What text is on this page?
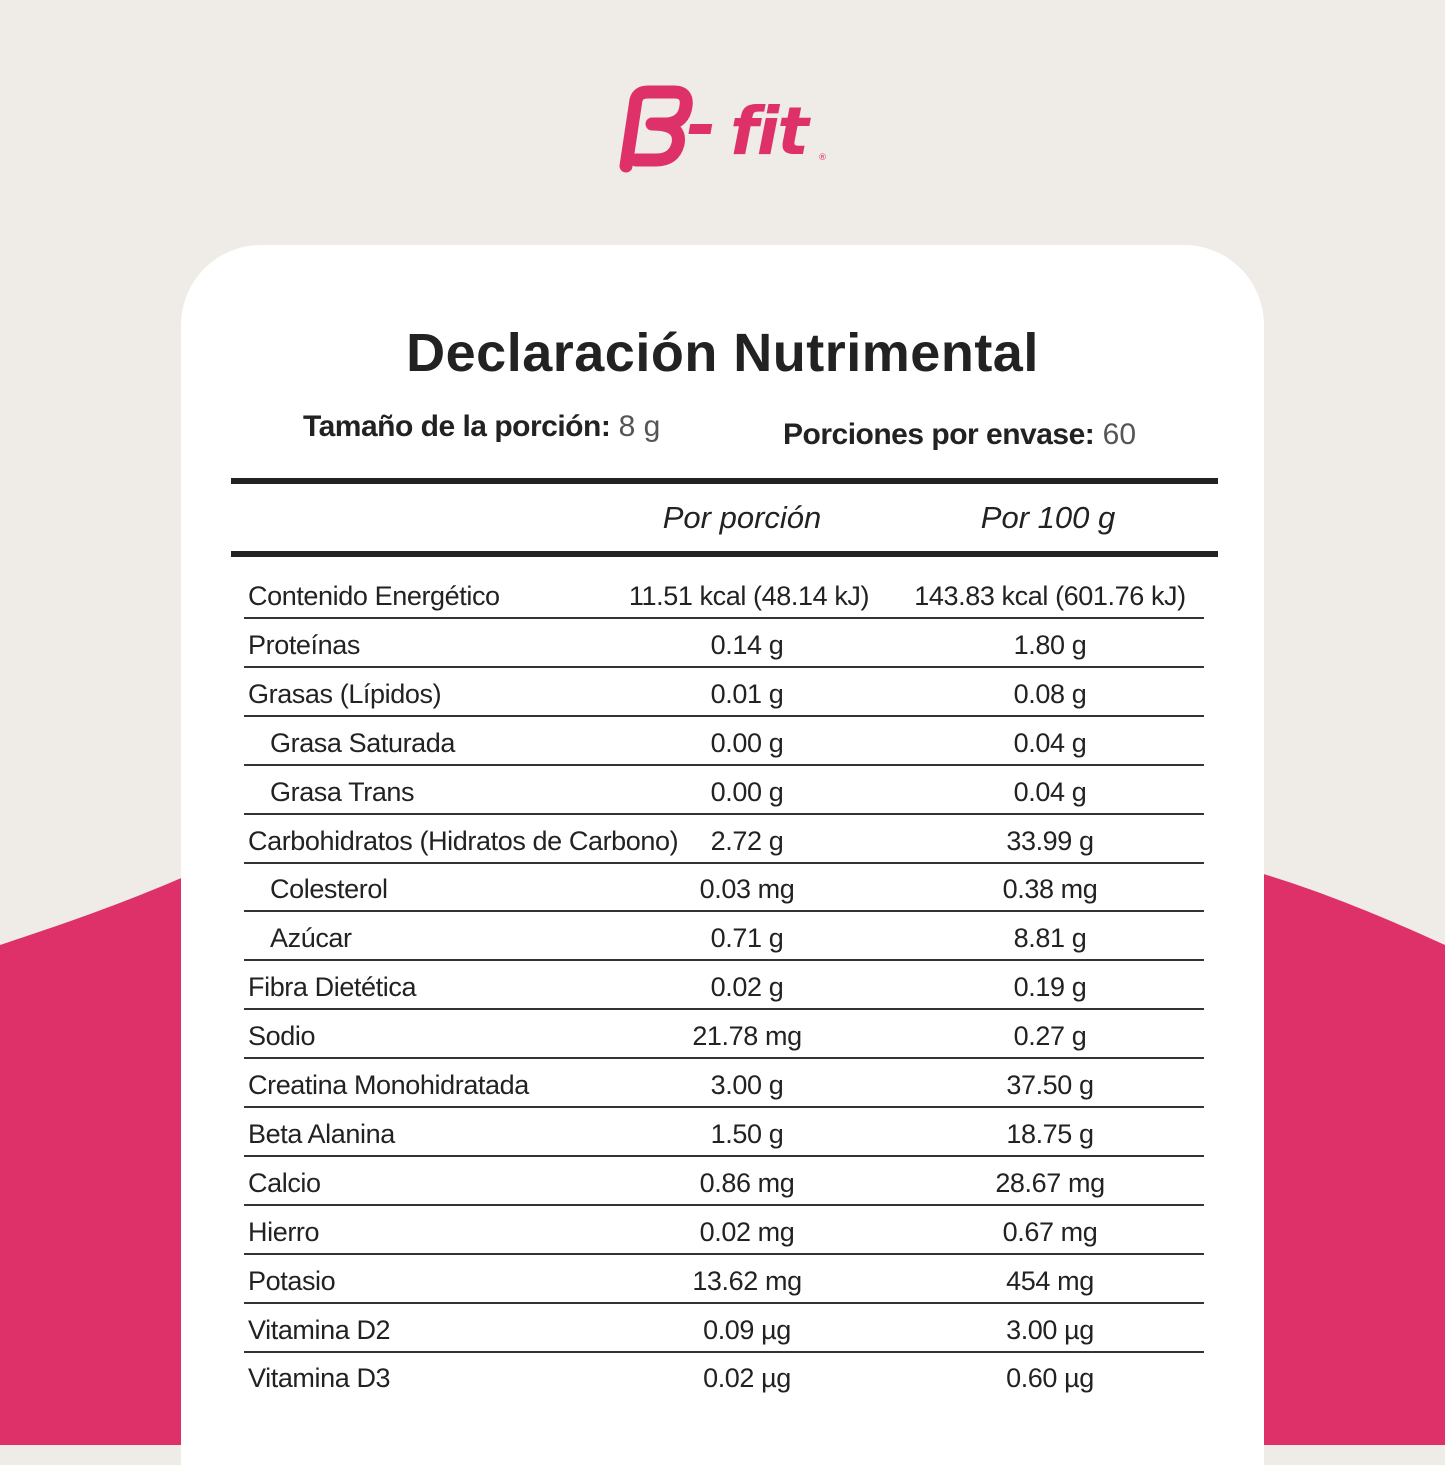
fit	®
Declaración Nutrimental
Tamaño de la porción: 8 g	Porciones por envase: 60
Por porción	Por 100 g
Contenido Energético	11.51 kcal (48.14 kJ)	143.83 kcal (601.76 kJ)
Proteínas	0.14 g	1.80 g
Grasas (Lípidos)	0.01 g	0.08 g
Grasa Saturada	0.00 g	0.04 g
Grasa Trans	0.00 g	0.04 g
Carbohidratos (Hidratos de Carbono)	2.72 g	33.99 g
Colesterol	0.03 mg	0.38 mg
Azúcar	0.71 g	8.81 g
Fibra Dietética	0.02 g	0.19 g
Sodio	21.78 mg	0.27 g
Creatina Monohidratada	3.00 g	37.50 g
Beta Alanina	1.50 g	18.75 g
Calcio	0.86 mg	28.67 mg
Hierro	0.02 mg	0.67 mg
Potasio	13.62 mg	454 mg
Vitamina D2	0.09 µg	3.00 µg
Vitamina D3	0.02 µg	0.60 µg
